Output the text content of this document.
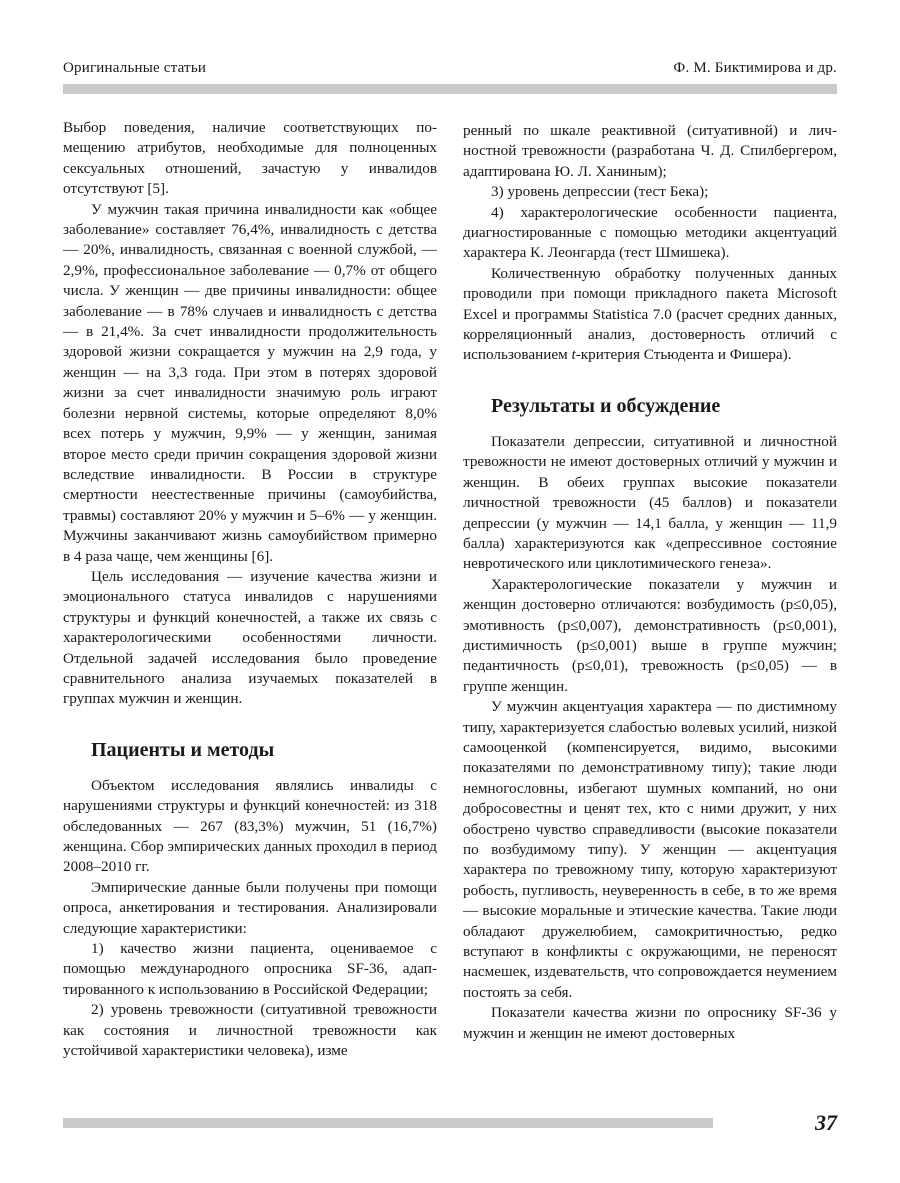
Оригинальные статьи	Ф. М. Биктимирова и др.

Выбор поведения, наличие соответствующих помещению атрибутов, необходимые для полноценных сексуальных отношений, зачастую у инвалидов отсутствуют [5].

У мужчин такая причина инвалидности как «общее заболевание» составляет 76,4%, инвалидность с детства — 20%, инвалидность, связанная с военной службой, — 2,9%, профессиональное заболевание — 0,7% от общего числа. У женщин — две причины инвалидности: общее заболевание — в 78% случаев и инвалидность с детства — в 21,4%. За счет инвалидности продолжительность здоровой жизни сокращается у мужчин на 2,9 года, у женщин — на 3,3 года. При этом в потерях здоровой жизни за счет инвалидности значимую роль играют болезни нервной системы, которые определяют 8,0% всех потерь у мужчин, 9,9% — у женщин, занимая второе место среди причин сокращения здоровой жизни вследствие инвалидности. В России в структуре смертности неестественные причины (самоубийства, травмы) составляют 20% у мужчин и 5–6% — у женщин. Мужчины заканчивают жизнь самоубийством примерно в 4 раза чаще, чем женщины [6].

Цель исследования — изучение качества жизни и эмоционального статуса инвалидов с нарушениями структуры и функций конечностей, а также их связь с характерологическими особенностями личности. Отдельной задачей исследования было проведение сравнительного анализа изучаемых показателей в группах мужчин и женщин.

Пациенты и методы

Объектом исследования являлись инвалиды с нарушениями структуры и функций конечностей: из 318 обследованных — 267 (83,3%) мужчин, 51 (16,7%) женщина. Сбор эмпирических данных проходил в период 2008–2010 гг.

Эмпирические данные были получены при помощи опроса, анкетирования и тестирования. Анализировали следующие характеристики:

1) качество жизни пациента, оцениваемое с помощью международного опросника SF-36, адаптированного к использованию в Российской Федерации;

2) уровень тревожности (ситуативной тревожности как состояния и личностной тревожности как устойчивой характеристики человека), изме

ренный по шкале реактивной (ситуативной) и личностной тревожности (разработана Ч. Д. Спилбергером, адаптирована Ю. Л. Ханиным);

3) уровень депрессии (тест Бека);

4) характерологические особенности пациента, диагностированные с помощью методики акцентуаций характера К. Леонгарда (тест Шмишека).

Количественную обработку полученных данных проводили при помощи прикладного пакета Microsoft Excel и программы Statistica 7.0 (расчет средних данных, корреляционный анализ, достоверность отличий с использованием t-критерия Стьюдента и Фишера).

Результаты и обсуждение

Показатели депрессии, ситуативной и личностной тревожности не имеют достоверных отличий у мужчин и женщин. В обеих группах высокие показатели личностной тревожности (45 баллов) и показатели депрессии (у мужчин — 14,1 балла, у женщин — 11,9 балла) характеризуются как «депрессивное состояние невротического или циклотимического генеза».

Характерологические показатели у мужчин и женщин достоверно отличаются: возбудимость (p≤0,05), эмотивность (p≤0,007), демонстративность (p≤0,001), дистимичность (p≤0,001) выше в группе мужчин; педантичность (p≤0,01), тревожность (p≤0,05) — в группе женщин.

У мужчин акцентуация характера — по дистимному типу, характеризуется слабостью волевых усилий, низкой самооценкой (компенсируется, видимо, высокими показателями по демонстративному типу); такие люди немногословны, избегают шумных компаний, но они добросовестны и ценят тех, кто с ними дружит, у них обострено чувство справедливости (высокие показатели по возбудимому типу). У женщин — акцентуация характера по тревожному типу, которую характеризуют робость, пугливость, неуверенность в себе, в то же время — высокие моральные и этические качества. Такие люди обладают дружелюбием, самокритичностью, редко вступают в конфликты с окружающими, не переносят насмешек, издевательств, что сопровождается неумением постоять за себя.

Показатели качества жизни по опроснику SF-36 у мужчин и женщин не имеют достоверных

37
